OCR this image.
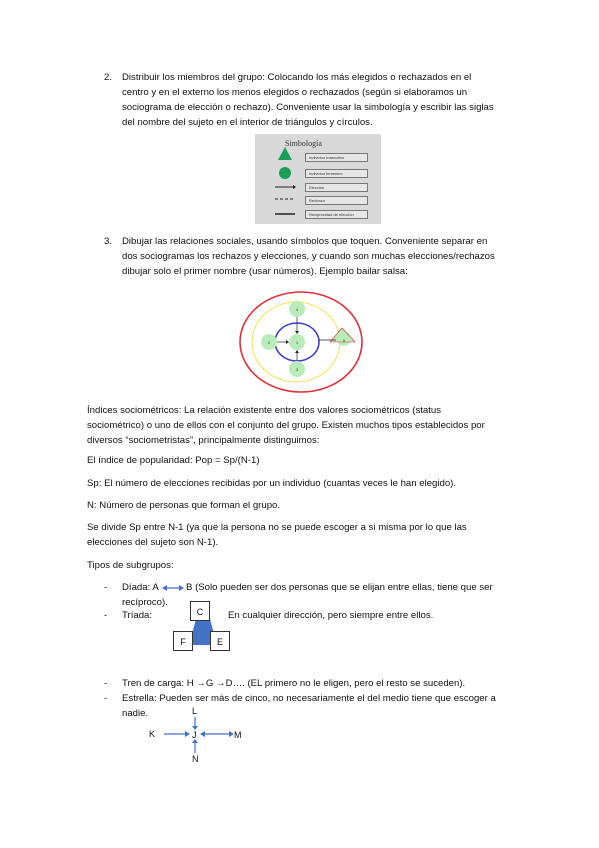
2. Distribuir los miembros del grupo: Colocando los más elegidos o rechazados en el
centro y en el externo los menos elegidos o rechazados (según si elaboramos un
sociograma de elección o rechazo). Conveniente usar la simbología y escribir las siglas
del nombre del sujeto en el interior de triángulos y círculos.
Simbología
Individuo masculino
Individuo femenino
Elección
Rechazo
Reciprocidad de elección
3. Dibujar las relaciones sociales, usando símbolos que toquen. Conveniente separar en
dos sociogramas los rechazos y elecciones, y cuando son muchas elecciones/rechazos
dibujar solo el primer nombre (usar números). Ejemplo bailar salsa:
4
2	1
3
5
Índices sociométricos: La relación existente entre dos valores sociométricos (status
sociométrico) o uno de ellos con el conjunto del grupo. Existen muchos tipos establecidos por
diversos “sociometristas”, principalmente distinguimos:
El índice de popularidad: Pop = Sp/(N-1)
Sp: El número de elecciones recibidas por un individuo (cuantas veces le han elegido).
N: Número de personas que forman el grupo.
Se divide Sp entre N-1 (ya que la persona no se puede escoger a si misma por lo que las
elecciones del sujeto son N-1).
Tipos de subgrupos:
- Díada: A	B (Solo pueden ser dos personas que se elijan entre ellas, tiene que ser
recíproco).
- Tríada:	En cualquier dirección, pero siempre entre ellos.
C
F	E
- Tren de carga: H →G →D…. (EL primero no le eligen, pero el resto se suceden).
- Estrella: Pueden ser más de cinco, no necesariamente el del medio tiene que escoger a
nadie.	L
K	J	M
N
